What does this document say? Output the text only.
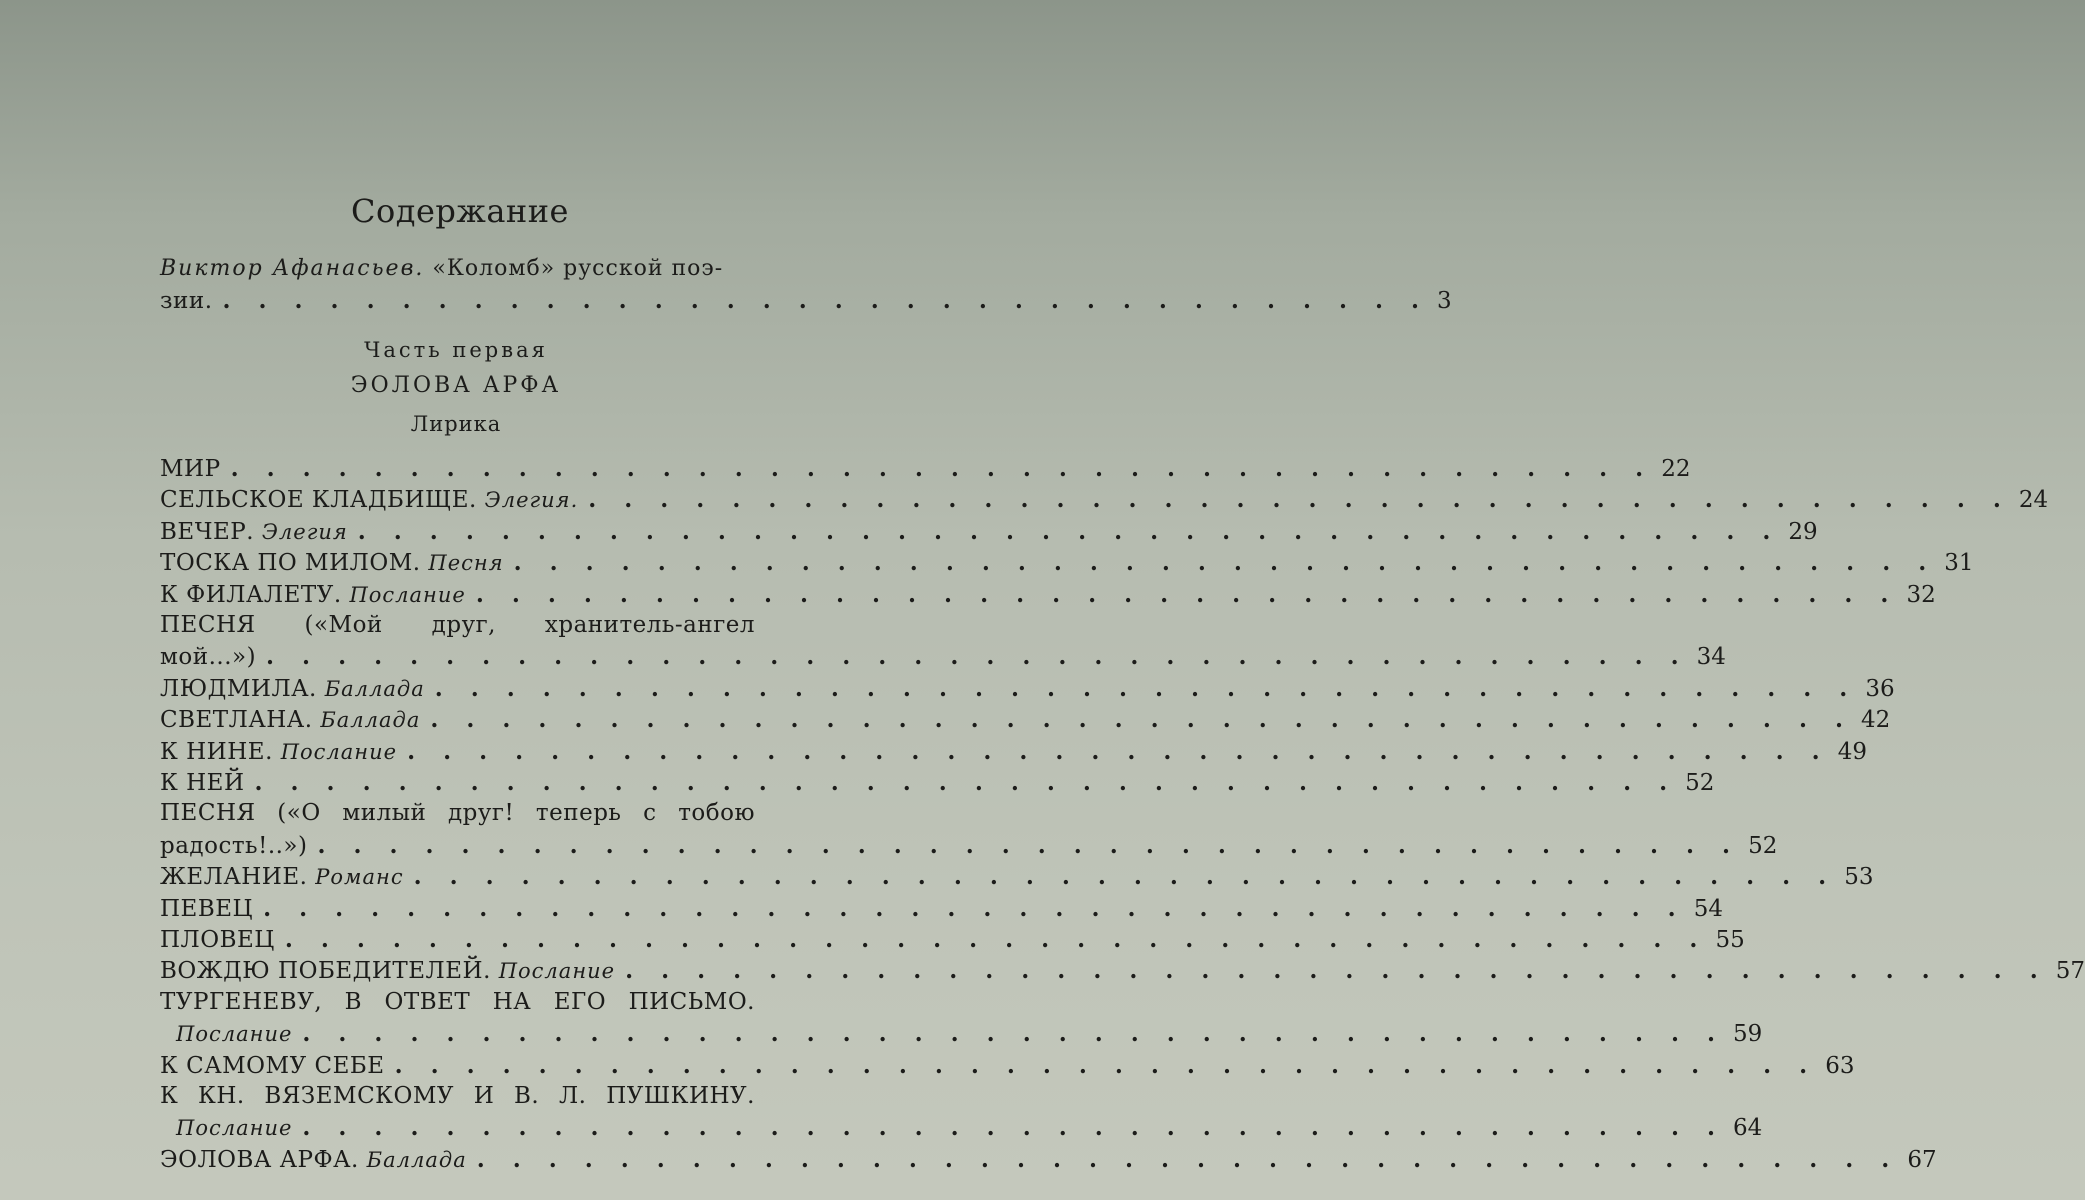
Содержание
Виктор Афанасьев. «Коломб» русской поэ-
зии. . . . . . . . . . . . . . . . . . . . . . . . . . . . . . . . . . . 3
Часть первая
ЭОЛОВА АРФА
Лирика
МИР . . . . . . . . . . . . . . . . . . . . . . . . . . . . . . . . . . . . . . . . 22
СЕЛЬСКОЕ КЛАДБИЩЕ. Элегия. . . . . . . . . . . . . . . . . . . . . . . . . . . . . . . . . . . . . . . . . 24
ВЕЧЕР. Элегия . . . . . . . . . . . . . . . . . . . . . . . . . . . . . . . . . . . . . . . . 29
ТОСКА ПО МИЛОМ. Песня . . . . . . . . . . . . . . . . . . . . . . . . . . . . . . . . . . . . . . . . 31
К ФИЛАЛЕТУ. Послание . . . . . . . . . . . . . . . . . . . . . . . . . . . . . . . . . . . . . . . . 32
ПЕСНЯ («Мой друг, хранитель-ангел
мой...») . . . . . . . . . . . . . . . . . . . . . . . . . . . . . . . . . . . . . . . . 34
ЛЮДМИЛА. Баллада . . . . . . . . . . . . . . . . . . . . . . . . . . . . . . . . . . . . . . . . 36
СВЕТЛАНА. Баллада . . . . . . . . . . . . . . . . . . . . . . . . . . . . . . . . . . . . . . . . 42
К НИНЕ. Послание . . . . . . . . . . . . . . . . . . . . . . . . . . . . . . . . . . . . . . . . 49
К НЕЙ . . . . . . . . . . . . . . . . . . . . . . . . . . . . . . . . . . . . . . . . 52
ПЕСНЯ («О милый друг! теперь с тобою
радость!..») . . . . . . . . . . . . . . . . . . . . . . . . . . . . . . . . . . . . . . . . 52
ЖЕЛАНИЕ. Романс . . . . . . . . . . . . . . . . . . . . . . . . . . . . . . . . . . . . . . . . 53
ПЕВЕЦ . . . . . . . . . . . . . . . . . . . . . . . . . . . . . . . . . . . . . . . . 54
ПЛОВЕЦ . . . . . . . . . . . . . . . . . . . . . . . . . . . . . . . . . . . . . . . . 55
ВОЖДЮ ПОБЕДИТЕЛЕЙ. Послание . . . . . . . . . . . . . . . . . . . . . . . . . . . . . . . . . . . . . . . . 57
ТУРГЕНЕВУ, В ОТВЕТ НА ЕГО ПИСЬМО.
Послание . . . . . . . . . . . . . . . . . . . . . . . . . . . . . . . . . . . . . . . . 59
К САМОМУ СЕБЕ . . . . . . . . . . . . . . . . . . . . . . . . . . . . . . . . . . . . . . . . 63
К КН. ВЯЗЕМСКОМУ И В. Л. ПУШКИНУ.
Послание . . . . . . . . . . . . . . . . . . . . . . . . . . . . . . . . . . . . . . . . 64
ЭОЛОВА АРФА. Баллада . . . . . . . . . . . . . . . . . . . . . . . . . . . . . . . . . . . . . . . . 67
